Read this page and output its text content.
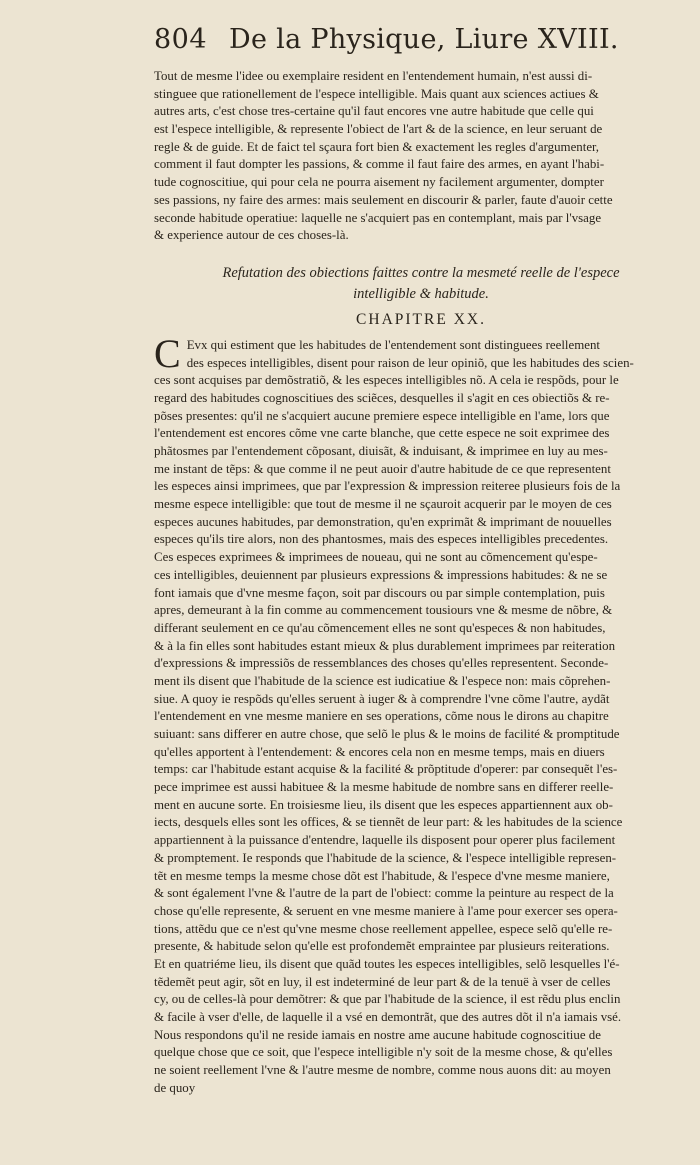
804 De la Physique, Liure XVIII.
Tout de mesme l'idee ou exemplaire resident en l'entendement humain, n'est aussi di-
stinguee que rationellement de l'espece intelligible. Mais quant aux sciences actiues &
autres arts, c'est chose tres-certaine qu'il faut encores vne autre habitude que celle qui
est l'espece intelligible, & represente l'obiect de l'art & de la science, en leur seruant de
regle & de guide. Et de faict tel sçaura fort bien & exactement les regles d'argumenter,
comment il faut dompter les passions, & comme il faut faire des armes, en ayant l'habi-
tude cognoscitiue, qui pour cela ne pourra aisement ny facilement argumenter, dompter
ses passions, ny faire des armes: mais seulement en discourir & parler, faute d'auoir cette
seconde habitude operatiue: laquelle ne s'acquiert pas en contemplant, mais par l'vsage
& experience autour de ces choses-là.
Refutation des obiections faittes contre la mesmeté reelle de l'espece
intelligible & habitude.
CHAPITRE XX.
C Evx qui estiment que les habitudes de l'entendement sont distinguees reellement
des especes intelligibles, disent pour raison de leur opiniõ, que les habitudes des scien-
ces sont acquises par demõstratiõ, & les especes intelligibles nõ. A cela ie respõds, pour le
regard des habitudes cognoscitiues des sciẽces, desquelles il s'agit en ces obiectiõs & re-
põses presentes: qu'il ne s'acquiert aucune premiere espece intelligible en l'ame, lors que
l'entendement est encores cõme vne carte blanche, que cette espece ne soit exprimee des
phãtosmes par l'entendement cõposant, diuisãt, & induisant, & imprimee en luy au mes-
me instant de tẽps: & que comme il ne peut auoir d'autre habitude de ce que representent
les especes ainsi imprimees, que par l'expression & impression reiteree plusieurs fois de la
mesme espece intelligible: que tout de mesme il ne sçauroit acquerir par le moyen de ces
especes aucunes habitudes, par demonstration, qu'en exprimãt & imprimant de nouuelles
especes qu'ils tire alors, non des phantosmes, mais des especes intelligibles precedentes.
Ces especes exprimees & imprimees de noueau, qui ne sont au cõmencement qu'espe-
ces intelligibles, deuiennent par plusieurs expressions & impressions habitudes: & ne se
font iamais que d'vne mesme façon, soit par discours ou par simple contemplation, puis
apres, demeurant à la fin comme au commencement tousiours vne & mesme de nõbre, &
differant seulement en ce qu'au cõmencement elles ne sont qu'especes & non habitudes,
& à la fin elles sont habitudes estant mieux & plus durablement imprimees par reiteration
d'expressions & impressiõs de ressemblances des choses qu'elles representent. Seconde-
ment ils disent que l'habitude de la science est iudicatiue & l'espece non: mais cõprehen-
siue. A quoy ie respõds qu'elles seruent à iuger & à comprendre l'vne cõme l'autre, aydãt
l'entendement en vne mesme maniere en ses operations, cõme nous le dirons au chapitre
suiuant: sans differer en autre chose, que selõ le plus & le moins de facilité & promptitude
qu'elles apportent à l'entendement: & encores cela non en mesme temps, mais en diuers
temps: car l'habitude estant acquise & la facilité & prõptitude d'operer: par consequẽt l'es-
pece imprimee est aussi habituee & la mesme habitude de nombre sans en differer reelle-
ment en aucune sorte. En troisiesme lieu, ils disent que les especes appartiennent aux ob-
iects, desquels elles sont les offices, & se tiennẽt de leur part: & les habitudes de la science
appartiennent à la puissance d'entendre, laquelle ils disposent pour operer plus facilement
& promptement. Ie responds que l'habitude de la science, & l'espece intelligible represen-
tẽt en mesme temps la mesme chose dõt est l'habitude, & l'espece d'vne mesme maniere,
& sont également l'vne & l'autre de la part de l'obiect: comme la peinture au respect de la
chose qu'elle represente, & seruent en vne mesme maniere à l'ame pour exercer ses opera-
tions, attẽdu que ce n'est qu'vne mesme chose reellement appellee, espece selõ qu'elle re-
presente, & habitude selon qu'elle est profondemẽt empraintee par plusieurs reiterations.
Et en quatriéme lieu, ils disent que quãd toutes les especes intelligibles, selõ lesquelles l'é-
tẽdemẽt peut agir, sõt en luy, il est indeterminé de leur part & de la tenuë à vser de celles
cy, ou de celles-là pour demõtrer: & que par l'habitude de la science, il est rẽdu plus enclin
& facile à vser d'elle, de laquelle il a vsé en demontrãt, que des autres dõt il n'a iamais vsé.
Nous respondons qu'il ne reside iamais en nostre ame aucune habitude cognoscitiue de
quelque chose que ce soit, que l'espece intelligible n'y soit de la mesme chose, & qu'elles
ne soient reellement l'vne & l'autre mesme de nombre, comme nous auons dit: au moyen
de quoy
